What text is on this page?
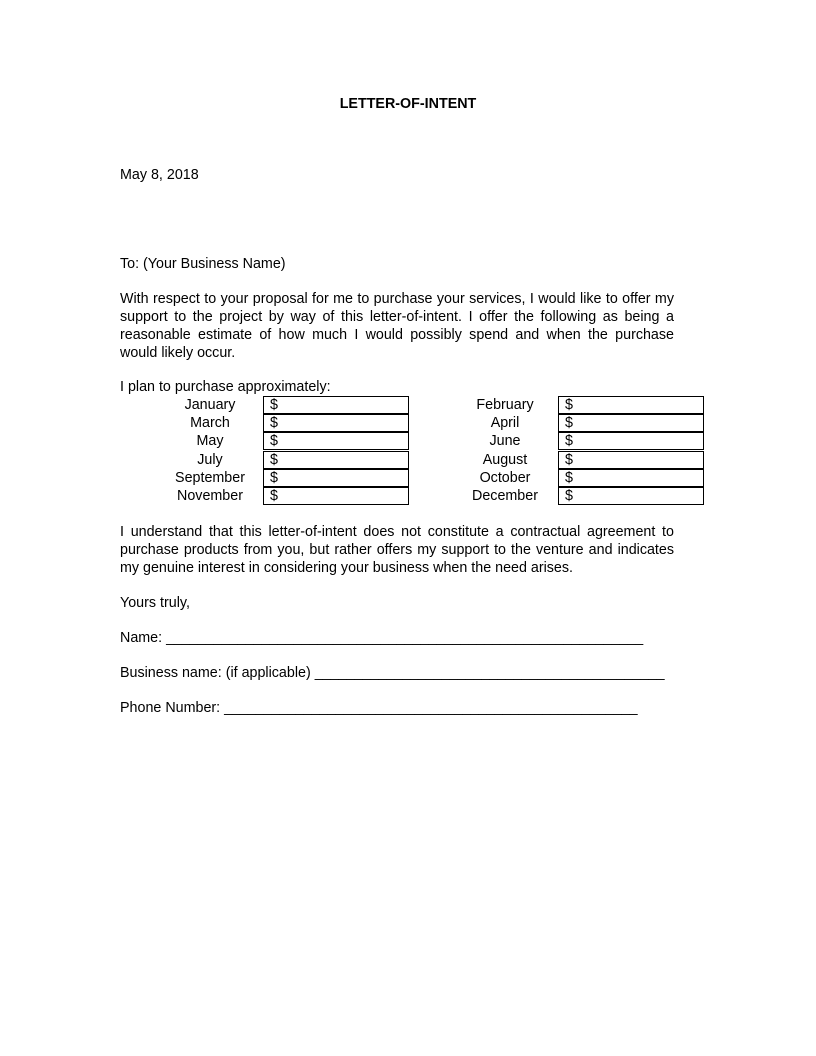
LETTER-OF-INTENT
May 8, 2018
To: (Your Business Name)
With respect to your proposal for me to purchase your services, I would like to offer my support to the project by way of this letter-of-intent. I offer the following as being a reasonable estimate of how much I would possibly spend and when the purchase would likely occur.
I plan to purchase approximately:
January
March
May
July
September
November
$
$
$
$
$
$
February
April
June
August
October
December
$
$
$
$
$
$
I understand that this letter-of-intent does not constitute a contractual agreement to purchase products from you, but rather offers my support to the venture and indicates my genuine interest in considering your business when the need arises.
Yours truly,
Name: ____________________________________________________________
Business name: (if applicable) ____________________________________________
Phone Number: ____________________________________________________
